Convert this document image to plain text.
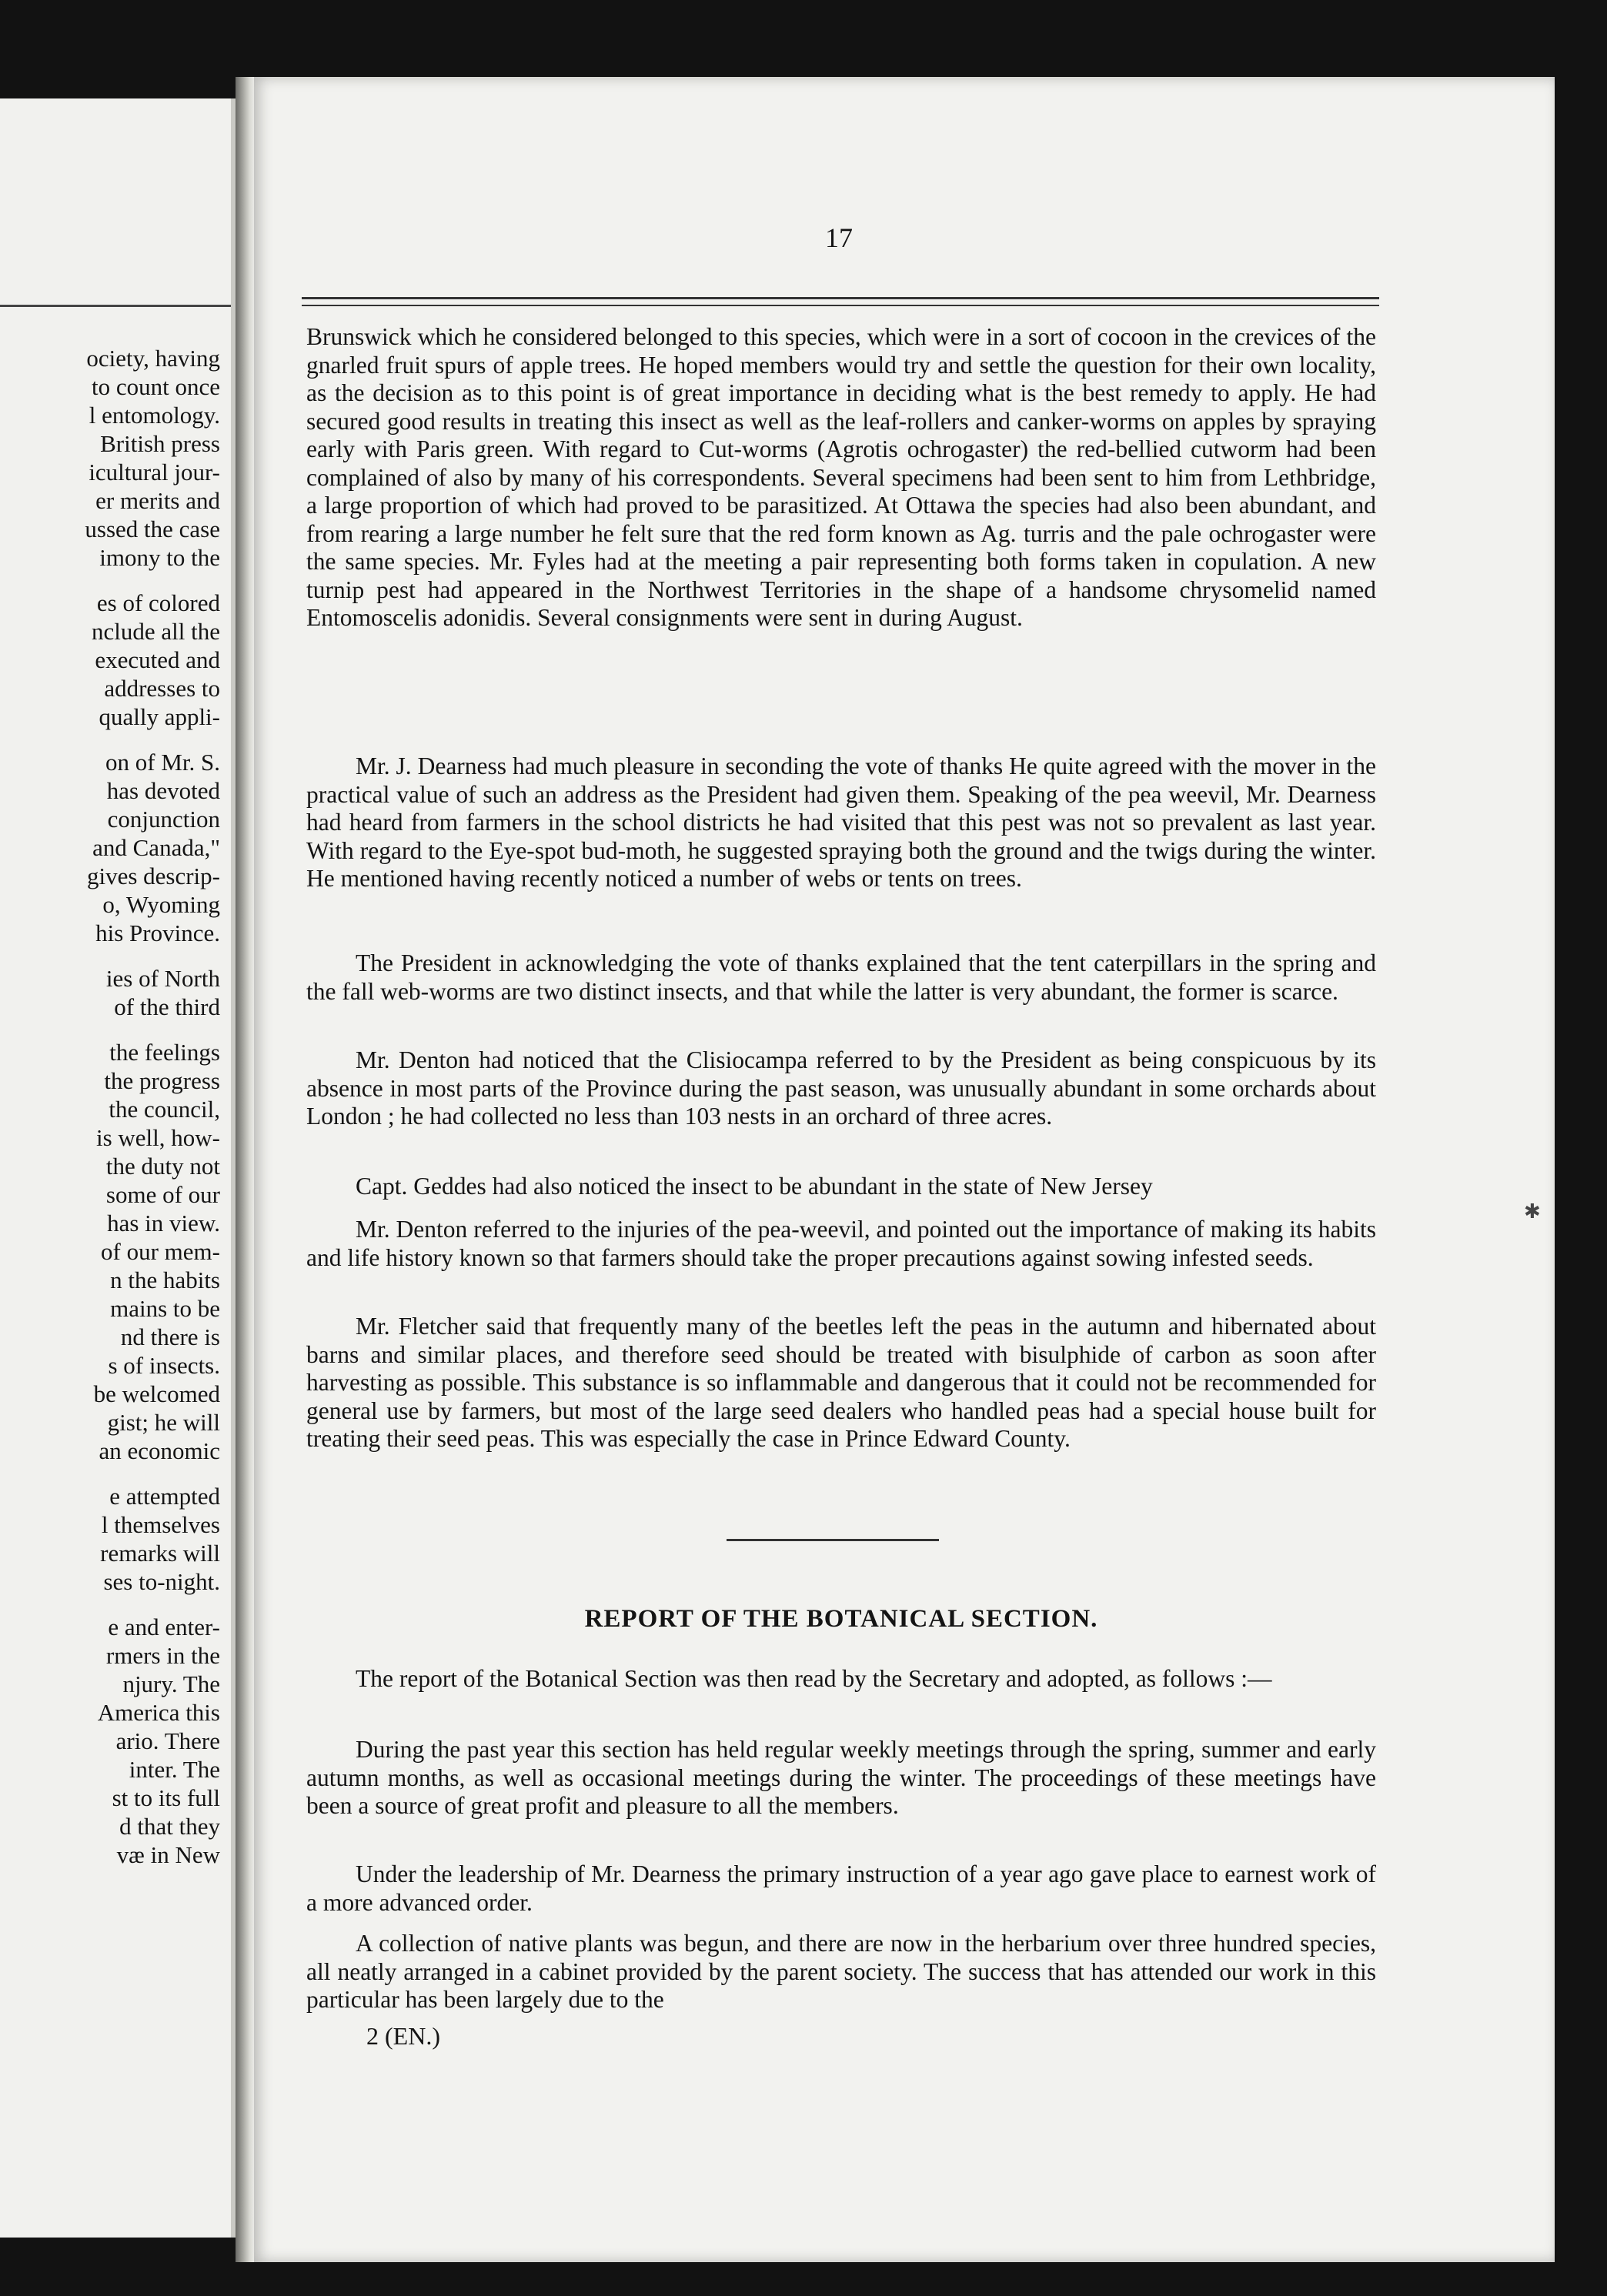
ociety, having
to count once
l entomology.
British press
icultural jour-
er merits and
ussed the case
imony to the
es of colored
nclude all the
executed and
addresses to
qually appli-
on of Mr. S.
has devoted
conjunction
and Canada,"
gives descrip-
o, Wyoming
his Province.
ies of North
of the third
the feelings
the progress
the council,
is well, how-
the duty not
some of our
has in view.
of our mem-
n the habits
mains to be
nd there is
s of insects.
be welcomed
gist; he will
an economic
e attempted
l themselves
remarks will
ses to-night.
e and enter-
rmers in the
njury. The
America this
ario. There
inter. The
st to its full
d that they
væ in New
17

Brunswick which he considered belonged to this species, which were in a sort of cocoon in the crevices of the gnarled fruit spurs of apple trees. He hoped members would try and settle the question for their own locality, as the decision as to this point is of great importance in deciding what is the best remedy to apply. He had secured good results in treating this insect as well as the leaf-rollers and canker-worms on apples by spraying early with Paris green. With regard to Cut-worms (Agrotis ochrogaster) the red-bellied cutworm had been complained of also by many of his correspondents. Several specimens had been sent to him from Lethbridge, a large proportion of which had proved to be parasitized. At Ottawa the species had also been abundant, and from rearing a large number he felt sure that the red form known as Ag. turris and the pale ochrogaster were the same species. Mr. Fyles had at the meeting a pair representing both forms taken in copulation. A new turnip pest had appeared in the Northwest Territories in the shape of a handsome chrysomelid named Entomoscelis adonidis. Several consignments were sent in during August.

Mr. J. Dearness had much pleasure in seconding the vote of thanks He quite agreed with the mover in the practical value of such an address as the President had given them. Speaking of the pea weevil, Mr. Dearness had heard from farmers in the school districts he had visited that this pest was not so prevalent as last year. With regard to the Eye-spot bud-moth, he suggested spraying both the ground and the twigs during the winter. He mentioned having recently noticed a number of webs or tents on trees.

The President in acknowledging the vote of thanks explained that the tent caterpillars in the spring and the fall web-worms are two distinct insects, and that while the latter is very abundant, the former is scarce.

Mr. Denton had noticed that the Clisiocampa referred to by the President as being conspicuous by its absence in most parts of the Province during the past season, was unusually abundant in some orchards about London ; he had collected no less than 103 nests in an orchard of three acres.

Capt. Geddes had also noticed the insect to be abundant in the state of New Jersey

Mr. Denton referred to the injuries of the pea-weevil, and pointed out the importance of making its habits and life history known so that farmers should take the proper precautions against sowing infested seeds.

Mr. Fletcher said that frequently many of the beetles left the peas in the autumn and hibernated about barns and similar places, and therefore seed should be treated with bisulphide of carbon as soon after harvesting as possible. This substance is so inflammable and dangerous that it could not be recommended for general use by farmers, but most of the large seed dealers who handled peas had a special house built for treating their seed peas. This was especially the case in Prince Edward County.

REPORT OF THE BOTANICAL SECTION.

The report of the Botanical Section was then read by the Secretary and adopted, as follows :—

During the past year this section has held regular weekly meetings through the spring, summer and early autumn months, as well as occasional meetings during the winter. The proceedings of these meetings have been a source of great profit and pleasure to all the members.

Under the leadership of Mr. Dearness the primary instruction of a year ago gave place to earnest work of a more advanced order.

A collection of native plants was begun, and there are now in the herbarium over three hundred species, all neatly arranged in a cabinet provided by the parent society. The success that has attended our work in this particular has been largely due to the

2 (EN.)
✱
